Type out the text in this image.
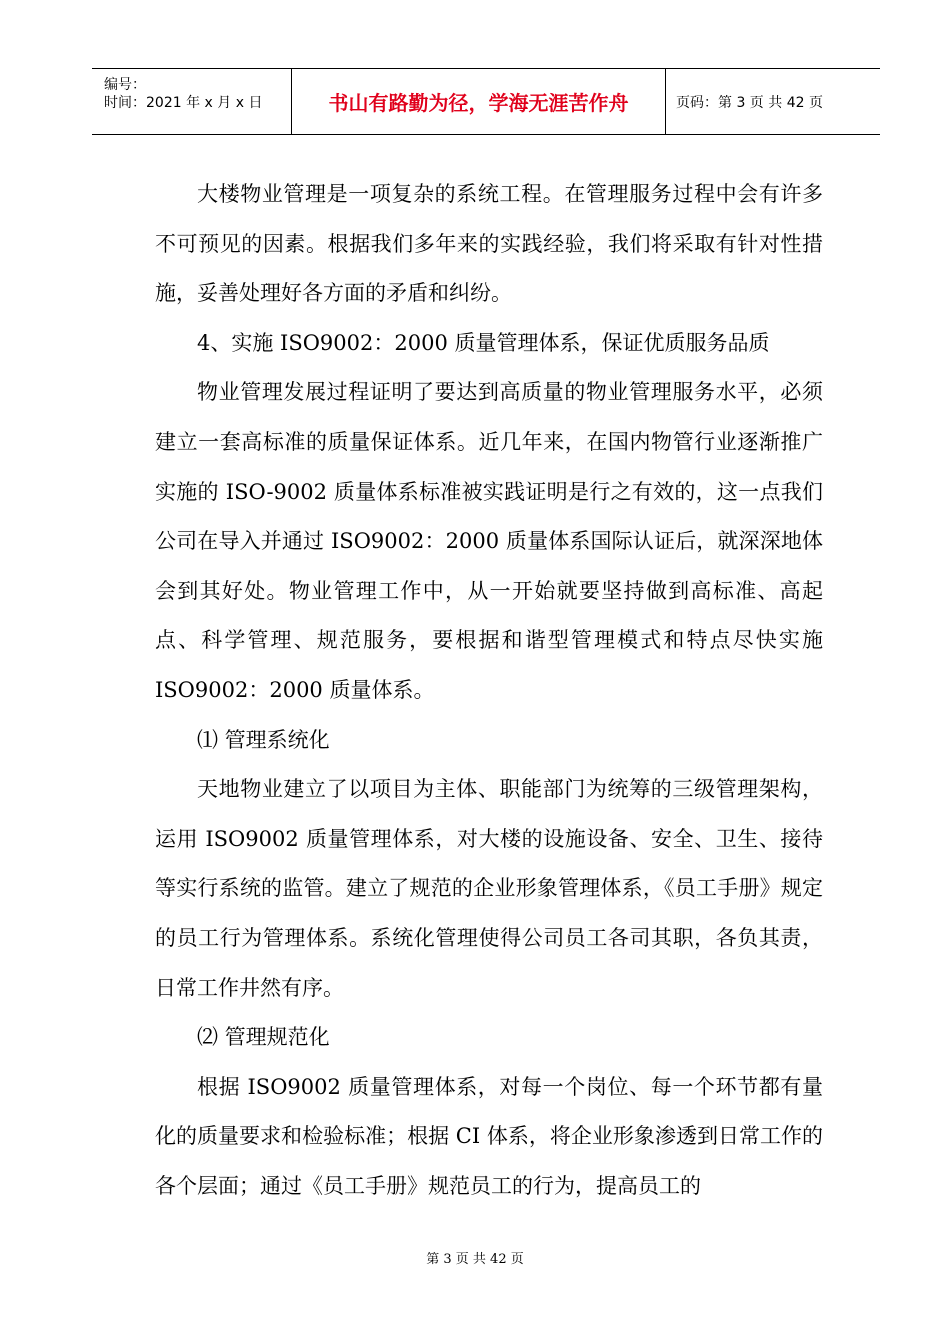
编号：
时间：2021 年 x 月 x 日	书山有路勤为径，学海无涯苦作舟	页码：第 3 页 共 42 页

大楼物业管理是一项复杂的系统工程。在管理服务过程中会有许多不可预见的因素。根据我们多年来的实践经验，我们将采取有针对性措施，妥善处理好各方面的矛盾和纠纷。

4、实施 ISO9002：2000 质量管理体系，保证优质服务品质

物业管理发展过程证明了要达到高质量的物业管理服务水平，必须建立一套高标准的质量保证体系。近几年来，在国内物管行业逐渐推广实施的 ISO-9002 质量体系标准被实践证明是行之有效的，这一点我们公司在导入并通过 ISO9002：2000 质量体系国际认证后，就深深地体会到其好处。物业管理工作中，从一开始就要坚持做到高标准、高起点、科学管理、规范服务，要根据和谐型管理模式和特点尽快实施 ISO9002：2000 质量体系。

⑴ 管理系统化

天地物业建立了以项目为主体、职能部门为统筹的三级管理架构，运用 ISO9002 质量管理体系，对大楼的设施设备、安全、卫生、接待等实行系统的监管。建立了规范的企业形象管理体系，《员工手册》规定的员工行为管理体系。系统化管理使得公司员工各司其职，各负其责，日常工作井然有序。

⑵ 管理规范化

根据 ISO9002 质量管理体系，对每一个岗位、每一个环节都有量化的质量要求和检验标准；根据 CI 体系，将企业形象渗透到日常工作的各个层面；通过《员工手册》规范员工的行为，提高员工的

第 3 页 共 42 页
